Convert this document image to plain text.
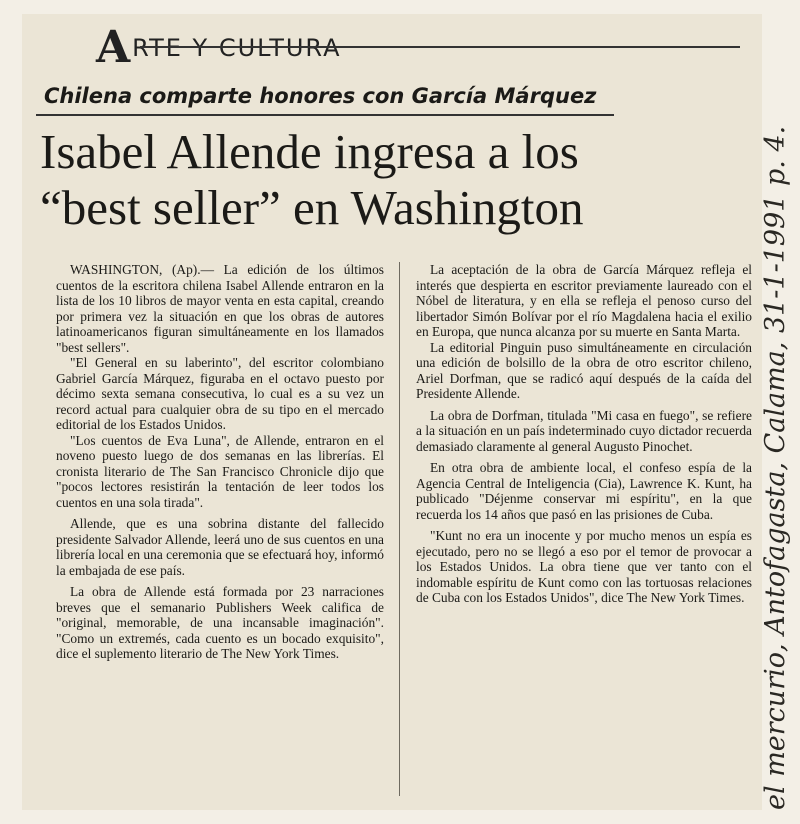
ARTE Y CULTURA
Chilena comparte honores con García Márquez
Isabel Allende ingresa a los
“best seller” en Washington

WASHINGTON, (Ap).— La edición de los últimos cuentos de la escritora chilena Isabel Allende entraron en la lista de los 10 libros de mayor venta en esta capital, creando por primera vez la situación en que los obras de autores latinoamericanos figuran simultáneamente en los llamados "best sellers".

"El General en su laberinto", del escritor colombiano Gabriel García Márquez, figuraba en el octavo puesto por décimo sexta semana consecutiva, lo cual es a su vez un record actual para cualquier obra de su tipo en el mercado editorial de los Estados Unidos.

"Los cuentos de Eva Luna", de Allende, entraron en el noveno puesto luego de dos semanas en las librerías. El cronista literario de The San Francisco Chronicle dijo que "pocos lectores resistirán la tentación de leer todos los cuentos en una sola tirada".

Allende, que es una sobrina distante del fallecido presidente Salvador Allende, leerá uno de sus cuentos en una librería local en una ceremonia que se efectuará hoy, informó la embajada de ese país.

La obra de Allende está formada por 23 narraciones breves que el semanario Publishers Week califica de "original, memorable, de una incansable imaginación". "Como un extremés, cada cuento es un bocado exquisito", dice el suplemento literario de The New York Times.

La aceptación de la obra de García Márquez refleja el interés que despierta en escritor previamente laureado con el Nóbel de literatura, y en ella se refleja el penoso curso del libertador Simón Bolívar por el río Magdalena hacia el exilio en Europa, que nunca alcanza por su muerte en Santa Marta.

La editorial Pinguin puso simultáneamente en circulación una edición de bolsillo de la obra de otro escritor chileno, Ariel Dorfman, que se radicó aquí después de la caída del Presidente Allende.

La obra de Dorfman, titulada "Mi casa en fuego", se refiere a la situación en un país indeterminado cuyo dictador recuerda demasiado claramente al general Augusto Pinochet.

En otra obra de ambiente local, el confeso espía de la Agencia Central de Inteligencia (Cia), Lawrence K. Kunt, ha publicado "Déjenme conservar mi espíritu", en la que recuerda los 14 años que pasó en las prisiones de Cuba.

"Kunt no era un inocente y por mucho menos un espía es ejecutado, pero no se llegó a eso por el temor de provocar a los Estados Unidos. La obra tiene que ver tanto con el indomable espíritu de Kunt como con las tortuosas relaciones de Cuba con los Estados Unidos", dice The New York Times. el mercurio, Antofagasta, Calama, 31-1-1991 p. 4.
